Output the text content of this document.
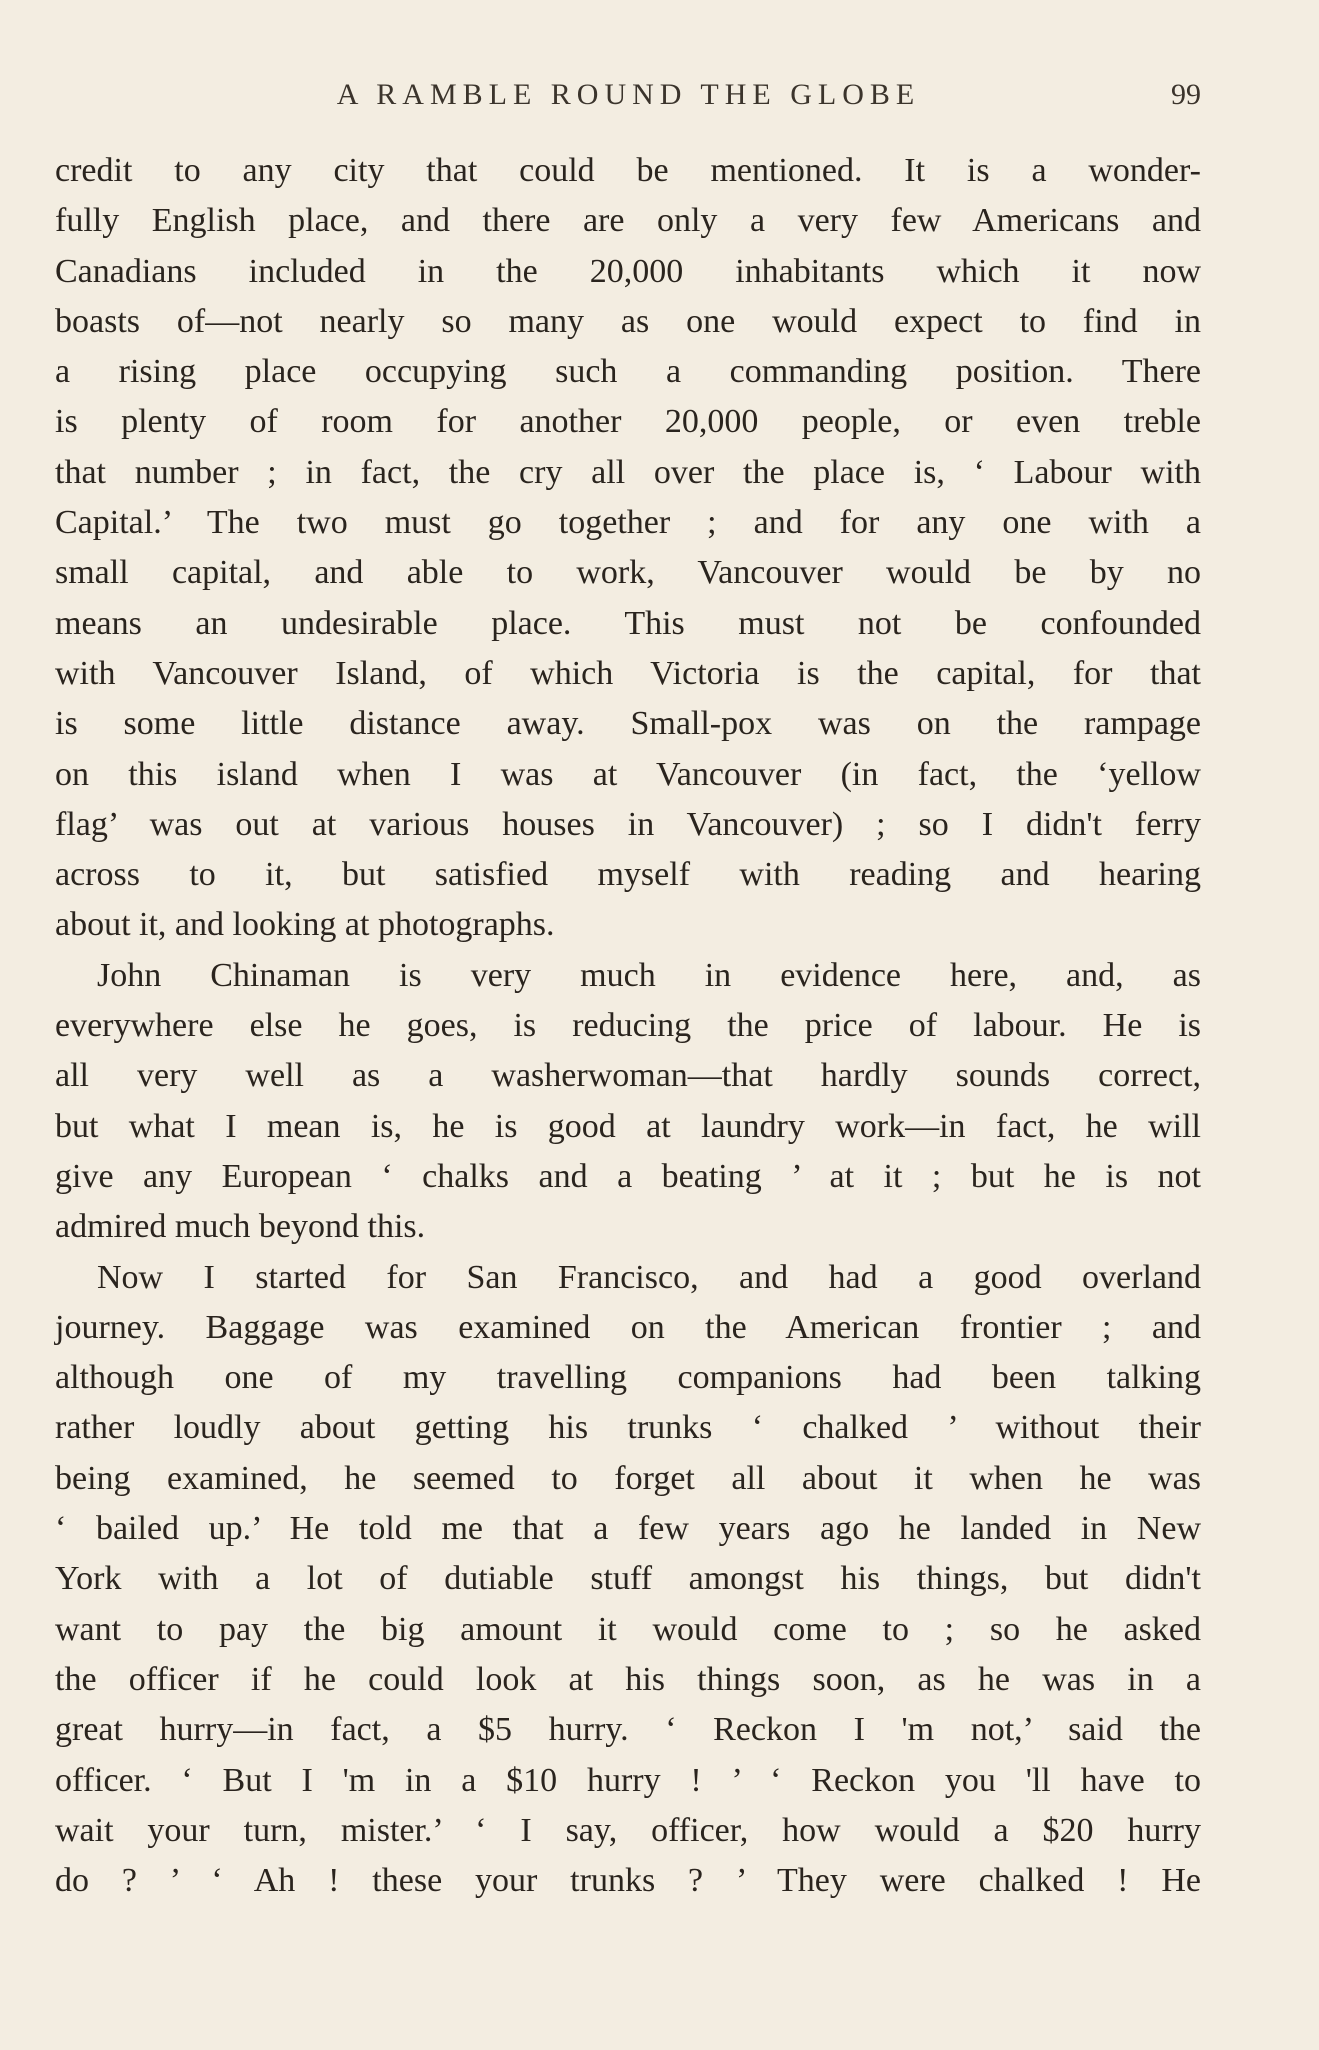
A RAMBLE ROUND THE GLOBE	99
credit to any city that could be mentioned. It is a wonder-
fully English place, and there are only a very few Americans and
Canadians included in the 20,000 inhabitants which it now
boasts of—not nearly so many as one would expect to find in
a rising place occupying such a commanding position. There
is plenty of room for another 20,000 people, or even treble
that number ; in fact, the cry all over the place is, ‘ Labour with
Capital.’ The two must go together ; and for any one with a
small capital, and able to work, Vancouver would be by no
means an undesirable place. This must not be confounded
with Vancouver Island, of which Victoria is the capital, for that
is some little distance away. Small-pox was on the rampage
on this island when I was at Vancouver (in fact, the ‘yellow
flag’ was out at various houses in Vancouver) ; so I didn't ferry
across to it, but satisfied myself with reading and hearing
about it, and looking at photographs.
John Chinaman is very much in evidence here, and, as
everywhere else he goes, is reducing the price of labour. He is
all very well as a washerwoman—that hardly sounds correct,
but what I mean is, he is good at laundry work—in fact, he will
give any European ‘ chalks and a beating ’ at it ; but he is not
admired much beyond this.
Now I started for San Francisco, and had a good overland
journey. Baggage was examined on the American frontier ; and
although one of my travelling companions had been talking
rather loudly about getting his trunks ‘ chalked ’ without their
being examined, he seemed to forget all about it when he was
‘ bailed up.’ He told me that a few years ago he landed in New
York with a lot of dutiable stuff amongst his things, but didn't
want to pay the big amount it would come to ; so he asked
the officer if he could look at his things soon, as he was in a
great hurry—in fact, a $5 hurry. ‘ Reckon I 'm not,’ said the
officer. ‘ But I 'm in a $10 hurry ! ’ ‘ Reckon you 'll have to
wait your turn, mister.’ ‘ I say, officer, how would a $20 hurry
do ? ’ ‘ Ah ! these your trunks ? ’ They were chalked ! He
